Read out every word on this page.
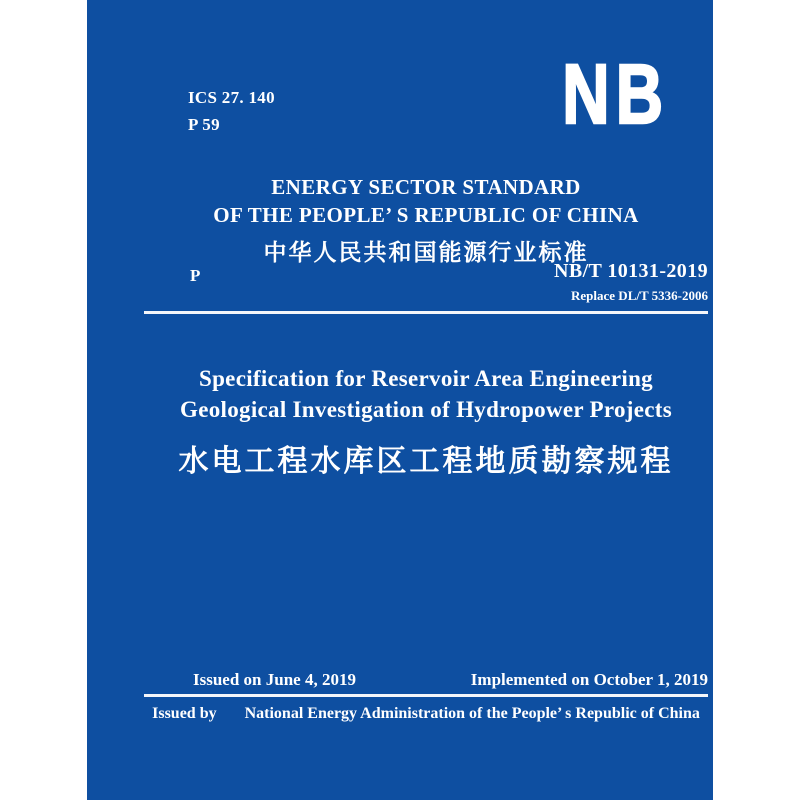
ICS 27. 140
P 59	NB
ENERGY SECTOR STANDARD
OF THE PEOPLE’ S REPUBLIC OF CHINA
中华人民共和国能源行业标准
P	NB/T 10131-2019
Replace DL/T 5336-2006
Specification for Reservoir Area Engineering
Geological Investigation of Hydropower Projects
水电工程水库区工程地质勘察规程
Issued on June 4, 2019	Implemented on October 1, 2019
Issued by National Energy Administration of the People’ s Republic of China
